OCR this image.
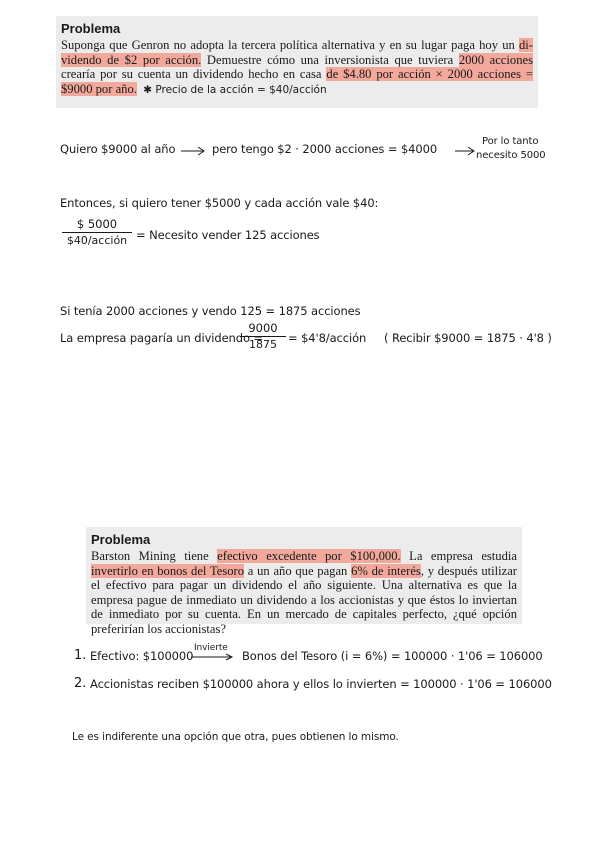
Problema
Suponga que Genron no adopta la tercera política alternativa y en su lugar paga hoy un di- videndo de $2 por acción. Demuestre cómo una inversionista que tuviera 2000 acciones crearía por su cuenta un dividendo hecho en casa de $4.80 por acción × 2000 acciones = $9000 por año. ✱ Precio de la acción = $40/acción
Quiero $9000 al año	pero tengo $2 · 2000 acciones = $4000
Por lo tanto
necesito 5000
Entonces, si quiero tener $5000 y cada acción vale $40:
$ 5000
$40/acción = Necesito vender 125 acciones
Si tenía 2000 acciones y vendo 125 = 1875 acciones
La empresa pagaría un dividendo =
9000
1875 = $4'8/acción ( Recibir $9000 = 1875 · 4'8 )
Problema
Barston Mining tiene efectivo excedente por $100,000. La empresa estudia invertirlo en bonos del Tesoro a un año que pagan 6% de interés, y después utilizar el efectivo para pagar un dividendo el año siguiente. Una alternativa es que la empresa pague de inmediato un dividendo a los accionistas y que éstos lo inviertan de inmediato por su cuenta. En un mercado de capitales perfecto, ¿qué opción preferirían los accionistas?
1. Efectivo: $100000
Invierte
Bonos del Tesoro (i = 6%) = 100000 · 1'06 = 106000
2. Accionistas reciben $100000 ahora y ellos lo invierten = 100000 · 1'06 = 106000
Le es indiferente una opción que otra, pues obtienen lo mismo.
